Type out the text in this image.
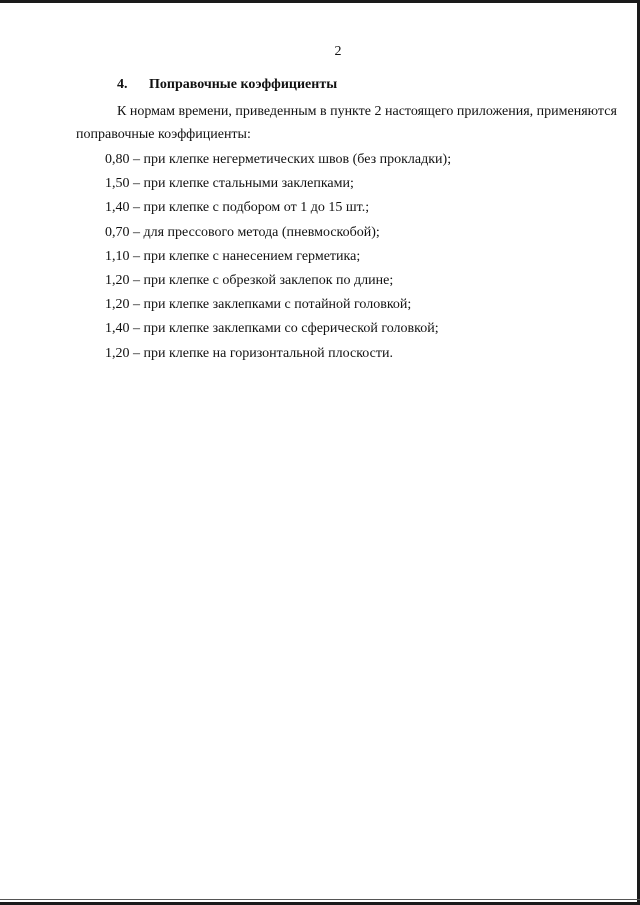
2
4. Поправочные коэффициенты
К нормам времени, приведенным в пункте 2 настоящего приложения, применяются
поправочные коэффициенты:
0,80 – при клепке негерметических швов (без прокладки);
1,50 – при клепке стальными заклепками;
1,40 – при клепке с подбором от 1 до 15 шт.;
0,70 – для прессового метода (пневмоскобой);
1,10 – при клепке с нанесением герметика;
1,20 – при клепке с обрезкой заклепок по длине;
1,20 – при клепке заклепками с потайной головкой;
1,40 – при клепке заклепками со сферической головкой;
1,20 – при клепке на горизонтальной плоскости.
